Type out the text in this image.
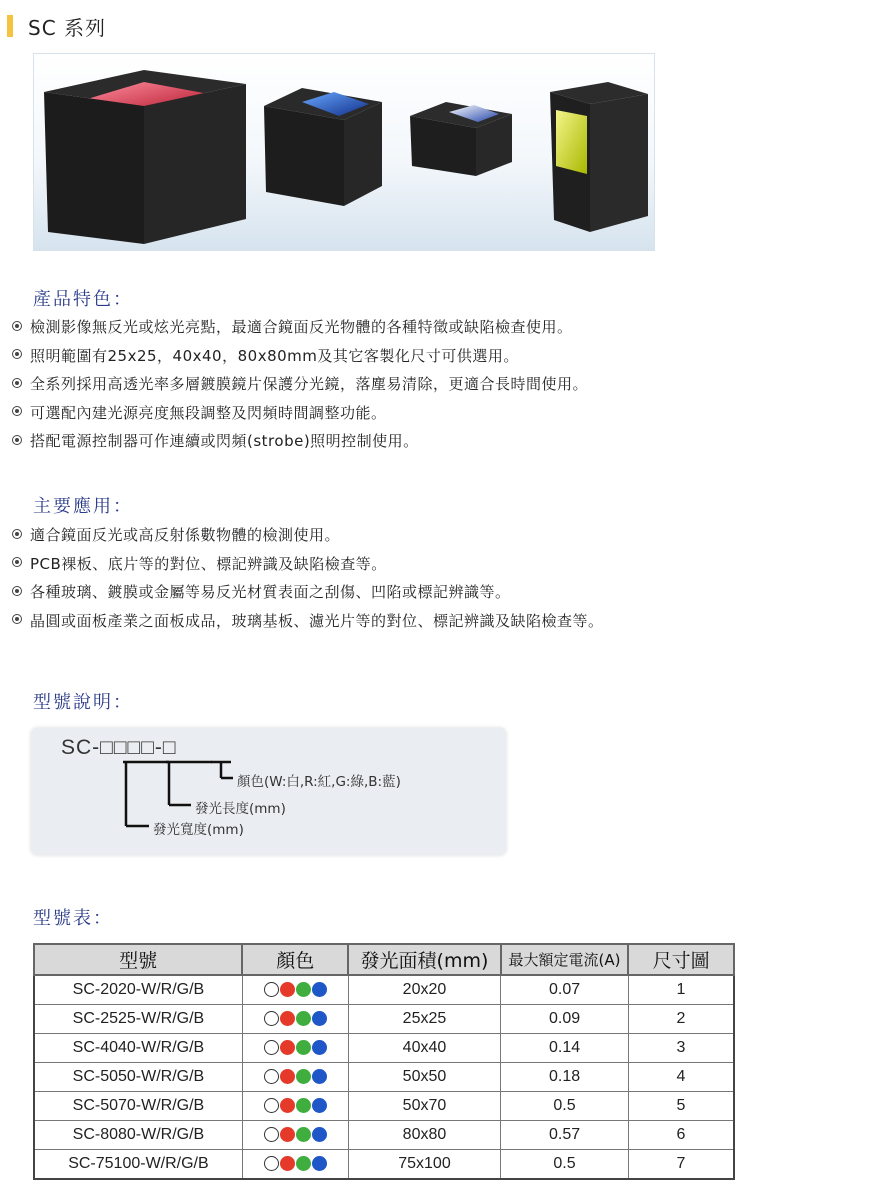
SC 系列
產品特色：
檢測影像無反光或炫光亮點，最適合鏡面反光物體的各種特徵或缺陷檢查使用。
照明範圍有25x25，40x40，80x80mm及其它客製化尺寸可供選用。
全系列採用高透光率多層鍍膜鏡片保護分光鏡，落塵易清除，更適合長時間使用。
可選配內建光源亮度無段調整及閃頻時間調整功能。
搭配電源控制器可作連續或閃頻(strobe)照明控制使用。
主要應用：
適合鏡面反光或高反射係數物體的檢測使用。
PCB裸板、底片等的對位、標記辨識及缺陷檢查等。
各種玻璃、鍍膜或金屬等易反光材質表面之刮傷、凹陷或標記辨識等。
晶圓或面板產業之面板成品，玻璃基板、濾光片等的對位、標記辨識及缺陷檢查等。
型號說明：
SC-□□□□-□
顏色(W:白,R:紅,G:綠,B:藍)
發光長度(mm)
發光寬度(mm)
型號表：
型號	顏色	發光面積(mm)	最大額定電流(A)	尺寸圖
SC-2020-W/R/G/B		20x20	0.07	1
SC-2525-W/R/G/B		25x25	0.09	2
SC-4040-W/R/G/B		40x40	0.14	3
SC-5050-W/R/G/B		50x50	0.18	4
SC-5070-W/R/G/B		50x70	0.5	5
SC-8080-W/R/G/B		80x80	0.57	6
SC-75100-W/R/G/B		75x100	0.5	7
